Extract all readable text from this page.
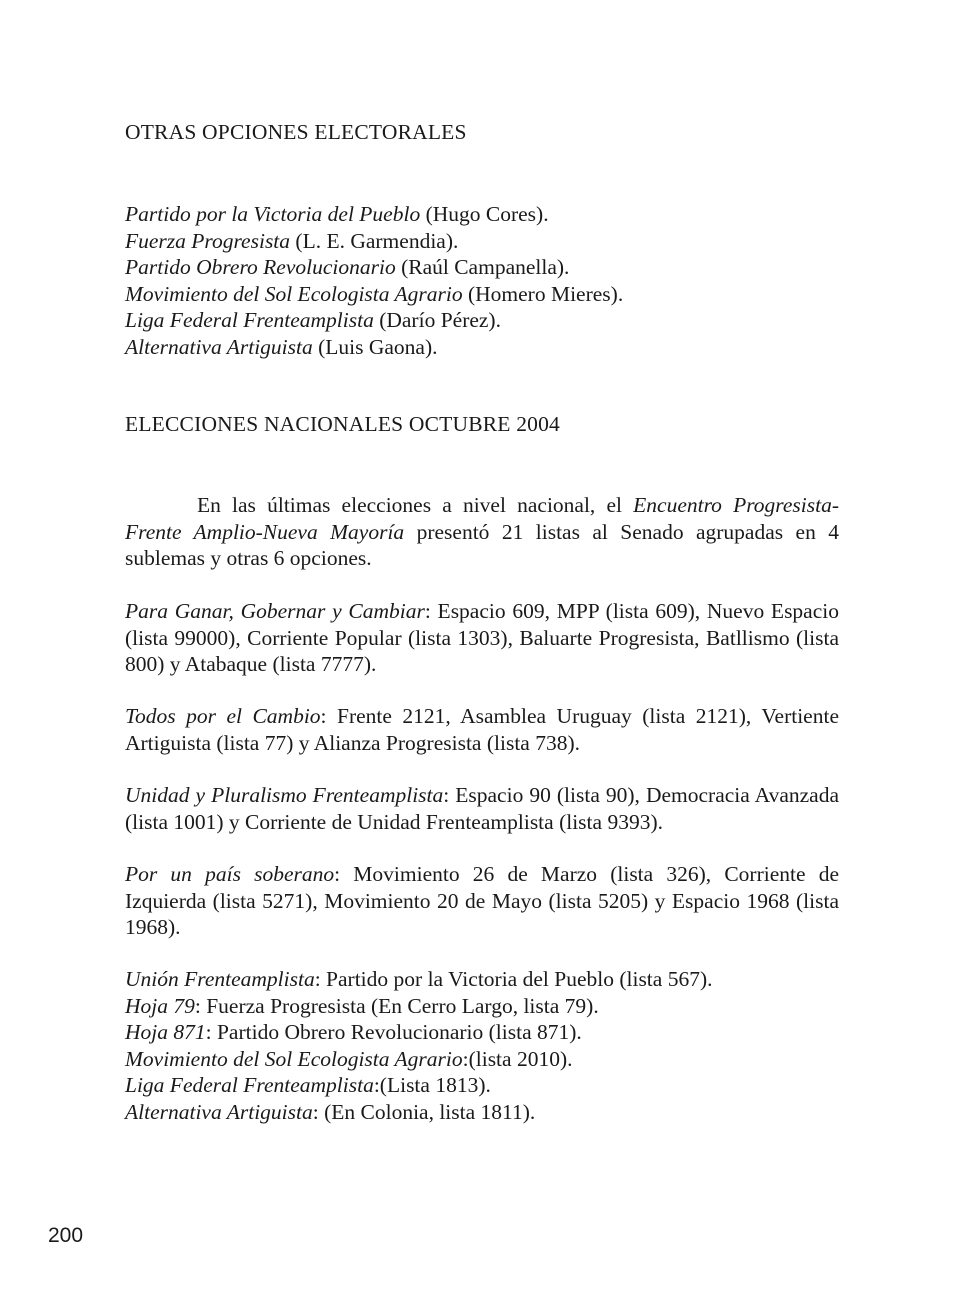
OTRAS OPCIONES ELECTORALES
Partido por la Victoria del Pueblo (Hugo Cores).
Fuerza Progresista (L. E. Garmendia).
Partido Obrero Revolucionario (Raúl Campanella).
Movimiento del Sol Ecologista Agrario (Homero Mieres).
Liga Federal Frenteamplista (Darío Pérez).
Alternativa Artiguista (Luis Gaona).
ELECCIONES NACIONALES OCTUBRE 2004

En las últimas elecciones a nivel nacional, el Encuentro Progresista-Frente Amplio-Nueva Mayoría presentó 21 listas al Senado agrupadas en 4 sublemas y otras 6 opciones.

Para Ganar, Gobernar y Cambiar: Espacio 609, MPP (lista 609), Nuevo Espacio (lista 99000), Corriente Popular (lista 1303), Baluarte Progresista, Batllismo (lista 800) y Atabaque (lista 7777).

Todos por el Cambio: Frente 2121, Asamblea Uruguay (lista 2121), Vertiente Artiguista (lista 77) y Alianza Progresista (lista 738).

Unidad y Pluralismo Frenteamplista: Espacio 90 (lista 90), Democracia Avanzada (lista 1001) y Corriente de Unidad Frenteamplista (lista 9393).

Por un país soberano: Movimiento 26 de Marzo (lista 326), Corriente de Izquierda (lista 5271), Movimiento 20 de Mayo (lista 5205) y Espacio 1968 (lista 1968).

Unión Frenteamplista: Partido por la Victoria del Pueblo (lista 567).
Hoja 79: Fuerza Progresista (En Cerro Largo, lista 79).
Hoja 871: Partido Obrero Revolucionario (lista 871).
Movimiento del Sol Ecologista Agrario:(lista 2010).
Liga Federal Frenteamplista:(Lista 1813).
Alternativa Artiguista: (En Colonia, lista 1811).
200
